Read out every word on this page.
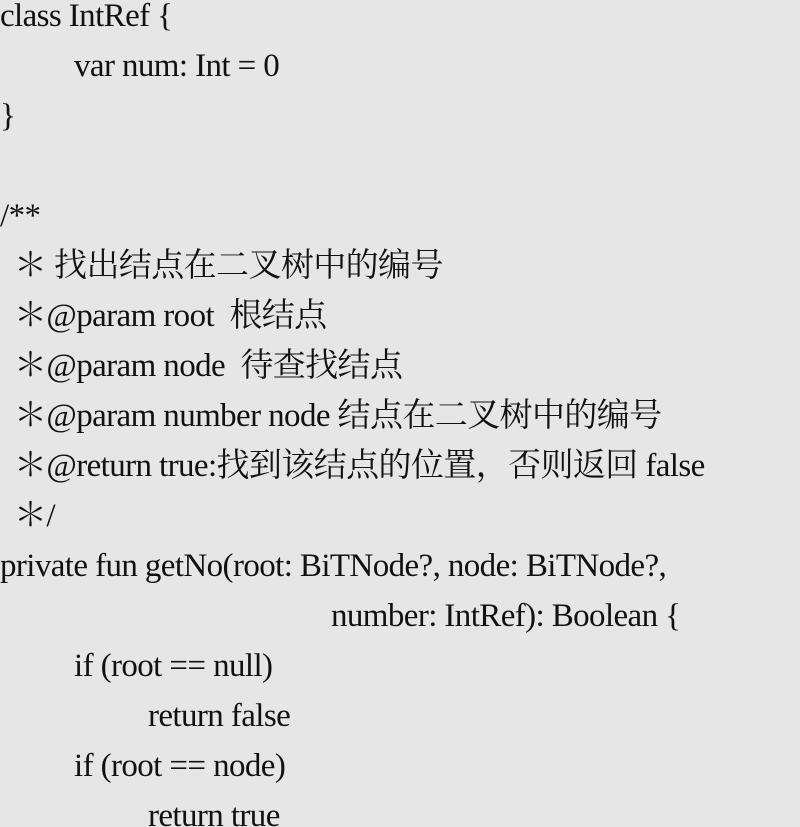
class IntRef {
var num: Int = 0
}
/**
＊ 找出结点在二叉树中的编号
＊@param root  根结点
＊@param node  待查找结点
＊@param number node 结点在二叉树中的编号
＊@return true:找到该结点的位置，否则返回 false
＊/
private fun getNo(root: BiTNode?, node: BiTNode?,
number: IntRef): Boolean {
if (root == null)
return false
if (root == node)
return true
